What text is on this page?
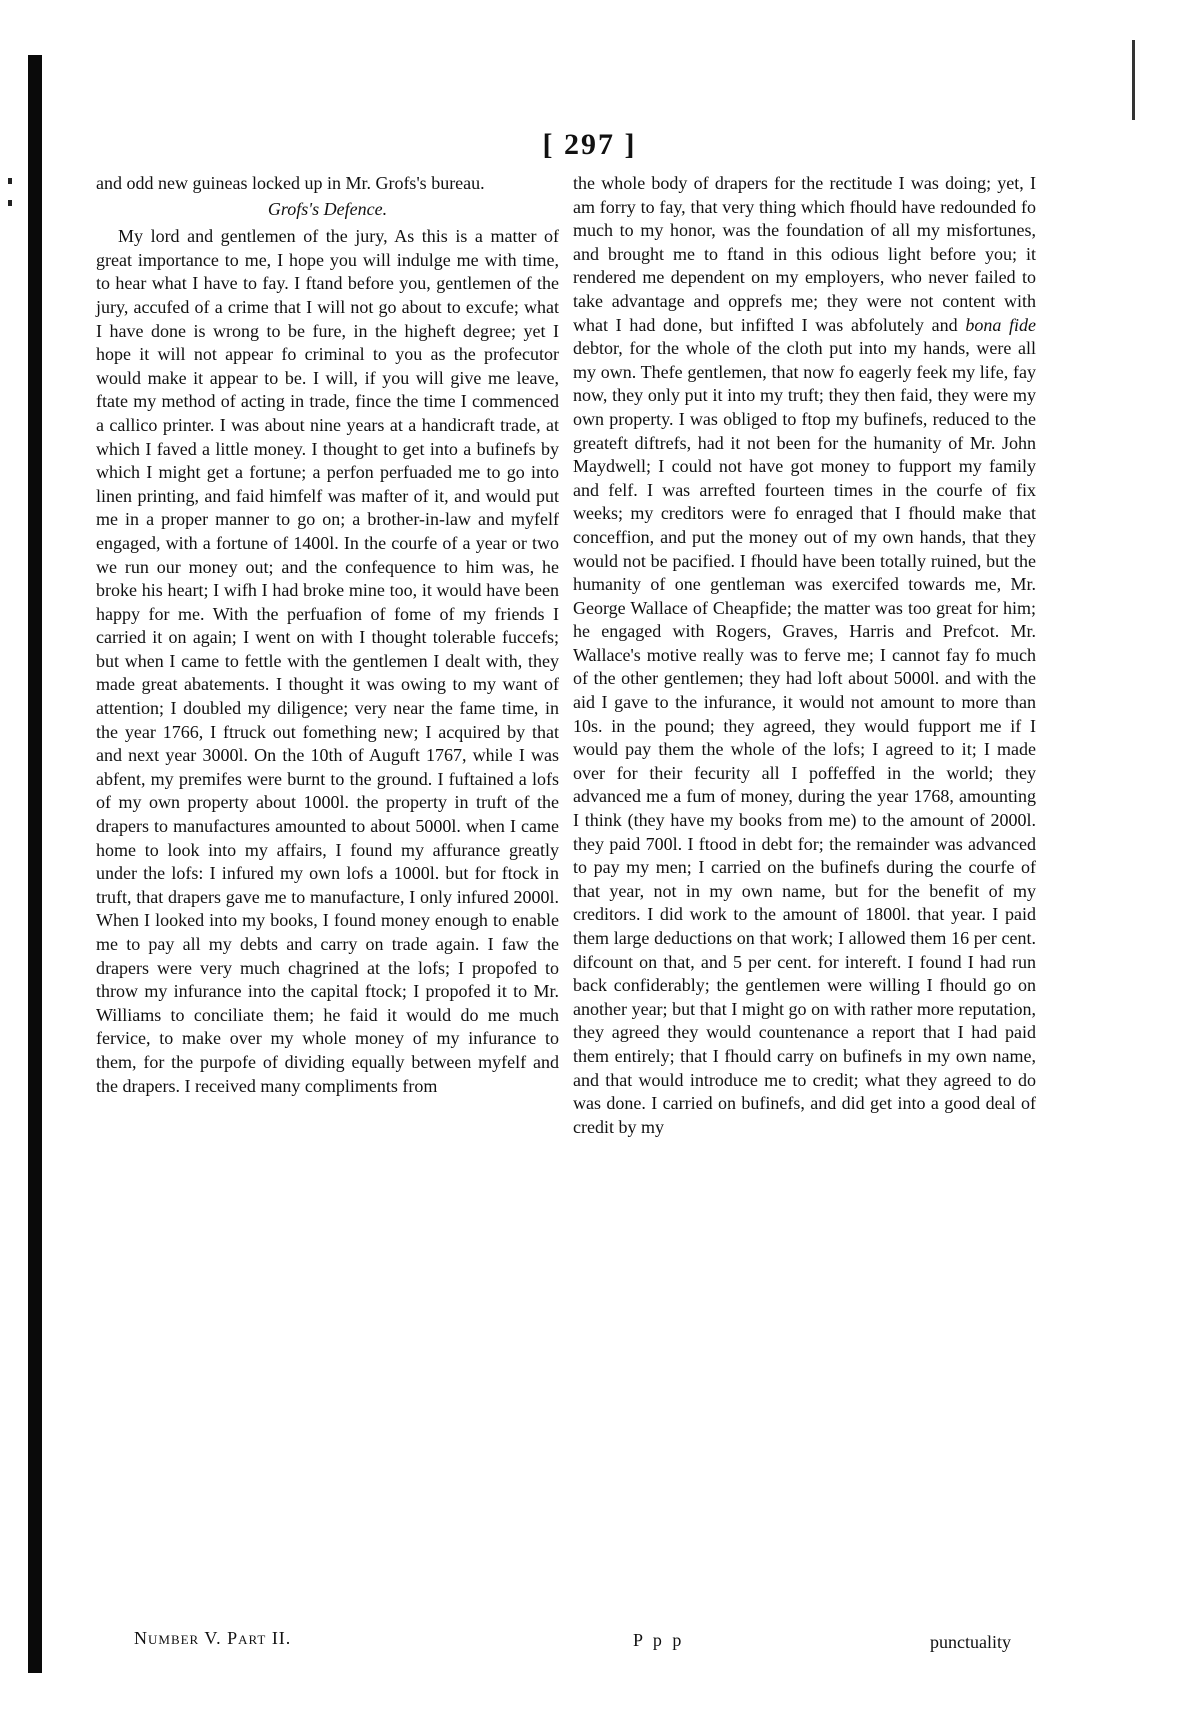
[ 297 ]

and odd new guineas locked up in Mr. Grofs's bureau.

Grofs's Defence.

My lord and gentlemen of the jury, As this is a matter of great importance to me, I hope you will indulge me with time, to hear what I have to fay. I ftand before you, gentlemen of the jury, accufed of a crime that I will not go about to excufe; what I have done is wrong to be fure, in the higheft degree; yet I hope it will not appear fo criminal to you as the profecutor would make it appear to be. I will, if you will give me leave, ftate my method of acting in trade, fince the time I commenced a callico printer. I was about nine years at a handicraft trade, at which I faved a little money. I thought to get into a bufinefs by which I might get a fortune; a perfon perfuaded me to go into linen printing, and faid himfelf was mafter of it, and would put me in a proper manner to go on; a brother-in-law and myfelf engaged, with a fortune of 1400l. In the courfe of a year or two we run our money out; and the confequence to him was, he broke his heart; I wifh I had broke mine too, it would have been happy for me. With the perfuafion of fome of my friends I carried it on again; I went on with I thought tolerable fuccefs; but when I came to fettle with the gentlemen I dealt with, they made great abatements. I thought it was owing to my want of attention; I doubled my diligence; very near the fame time, in the year 1766, I ftruck out fomething new; I acquired by that and next year 3000l. On the 10th of Auguft 1767, while I was abfent, my premifes were burnt to the ground. I fuftained a lofs of my own property about 1000l. the property in truft of the drapers to manufactures amounted to about 5000l. when I came home to look into my affairs, I found my affurance greatly under the lofs: I infured my own lofs a 1000l. but for ftock in truft, that drapers gave me to manufacture, I only infured 2000l. When I looked into my books, I found money enough to enable me to pay all my debts and carry on trade again. I faw the drapers were very much chagrined at the lofs; I propofed to throw my infurance into the capital ftock; I propofed it to Mr. Williams to conciliate them; he faid it would do me much fervice, to make over my whole money of my infurance to them, for the purpofe of dividing equally between myfelf and the drapers. I received many compliments from

the whole body of drapers for the rectitude I was doing; yet, I am forry to fay, that very thing which fhould have redounded fo much to my honor, was the foundation of all my misfortunes, and brought me to ftand in this odious light before you; it rendered me dependent on my employers, who never failed to take advantage and opprefs me; they were not content with what I had done, but infifted I was abfolutely and bona fide debtor, for the whole of the cloth put into my hands, were all my own. Thefe gentlemen, that now fo eagerly feek my life, fay now, they only put it into my truft; they then faid, they were my own property. I was obliged to ftop my bufinefs, reduced to the greateft diftrefs, had it not been for the humanity of Mr. John Maydwell; I could not have got money to fupport my family and felf. I was arrefted fourteen times in the courfe of fix weeks; my creditors were fo enraged that I fhould make that conceffion, and put the money out of my own hands, that they would not be pacified. I fhould have been totally ruined, but the humanity of one gentleman was exercifed towards me, Mr. George Wallace of Cheapfide; the matter was too great for him; he engaged with Rogers, Graves, Harris and Prefcot. Mr. Wallace's motive really was to ferve me; I cannot fay fo much of the other gentlemen; they had loft about 5000l. and with the aid I gave to the infurance, it would not amount to more than 10s. in the pound; they agreed, they would fupport me if I would pay them the whole of the lofs; I agreed to it; I made over for their fecurity all I poffeffed in the world; they advanced me a fum of money, during the year 1768, amounting I think (they have my books from me) to the amount of 2000l. they paid 700l. I ftood in debt for; the remainder was advanced to pay my men; I carried on the bufinefs during the courfe of that year, not in my own name, but for the benefit of my creditors. I did work to the amount of 1800l. that year. I paid them large deductions on that work; I allowed them 16 per cent. difcount on that, and 5 per cent. for intereft. I found I had run back confiderably; the gentlemen were willing I fhould go on another year; but that I might go on with rather more reputation, they agreed they would countenance a report that I had paid them entirely; that I fhould carry on bufinefs in my own name, and that would introduce me to credit; what they agreed to do was done. I carried on bufinefs, and did get into a good deal of credit by my

Number V. Part II.	P p p	punctuality
